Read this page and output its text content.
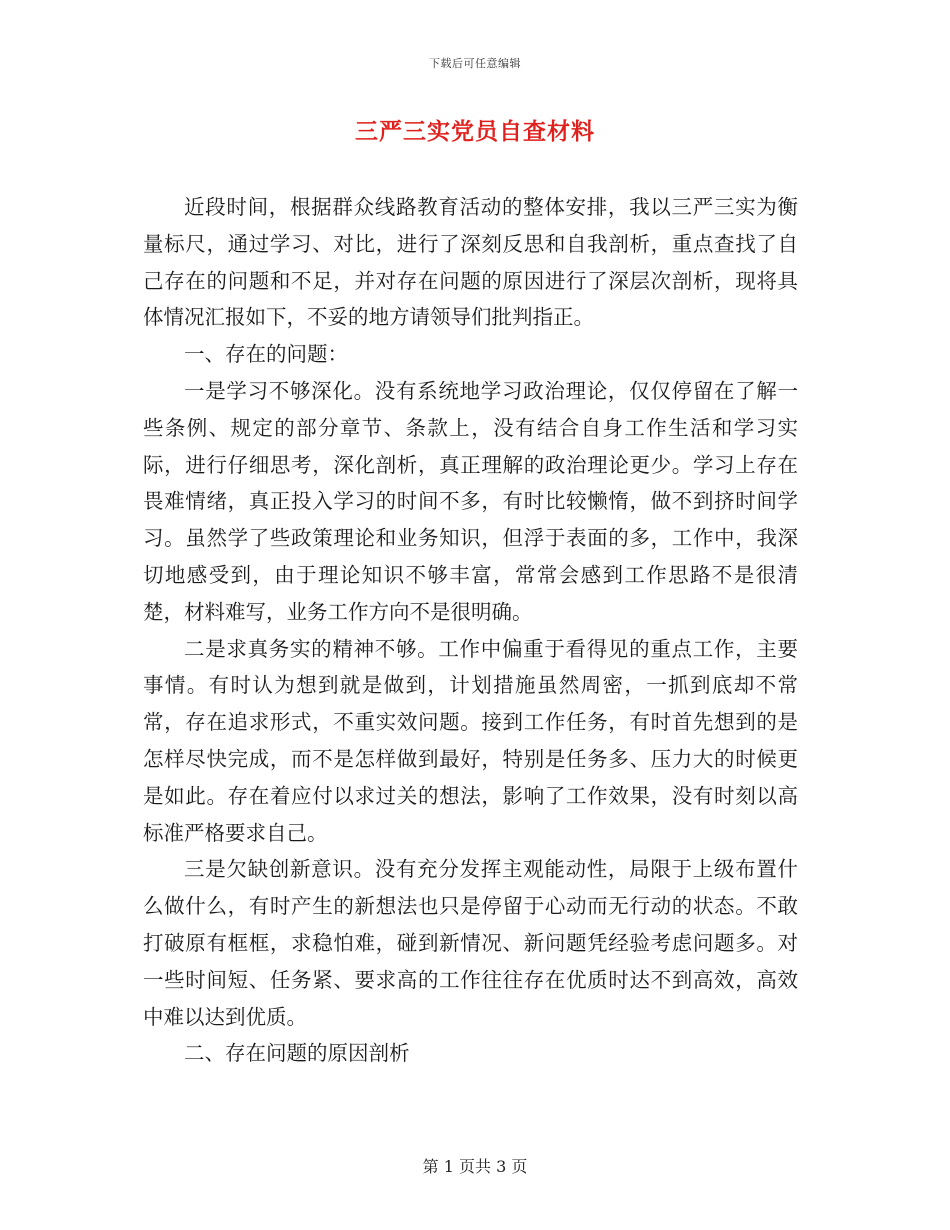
下载后可任意编辑
三严三实党员自查材料

近段时间，根据群众线路教育活动的整体安排，我以三严三实为衡量标尺，通过学习、对比，进行了深刻反思和自我剖析，重点查找了自己存在的问题和不足，并对存在问题的原因进行了深层次剖析，现将具体情况汇报如下，不妥的地方请领导们批判指正。

一、存在的问题：

一是学习不够深化。没有系统地学习政治理论，仅仅停留在了解一些条例、规定的部分章节、条款上，没有结合自身工作生活和学习实际，进行仔细思考，深化剖析，真正理解的政治理论更少。学习上存在畏难情绪，真正投入学习的时间不多，有时比较懒惰，做不到挤时间学习。虽然学了些政策理论和业务知识，但浮于表面的多，工作中，我深切地感受到，由于理论知识不够丰富，常常会感到工作思路不是很清楚，材料难写，业务工作方向不是很明确。

二是求真务实的精神不够。工作中偏重于看得见的重点工作，主要事情。有时认为想到就是做到，计划措施虽然周密，一抓到底却不常常，存在追求形式，不重实效问题。接到工作任务，有时首先想到的是怎样尽快完成，而不是怎样做到最好，特别是任务多、压力大的时候更是如此。存在着应付以求过关的想法，影响了工作效果，没有时刻以高标准严格要求自己。

三是欠缺创新意识。没有充分发挥主观能动性，局限于上级布置什么做什么，有时产生的新想法也只是停留于心动而无行动的状态。不敢打破原有框框，求稳怕难，碰到新情况、新问题凭经验考虑问题多。对一些时间短、任务紧、要求高的工作往往存在优质时达不到高效，高效中难以达到优质。

二、存在问题的原因剖析

第 1 页共 3 页
